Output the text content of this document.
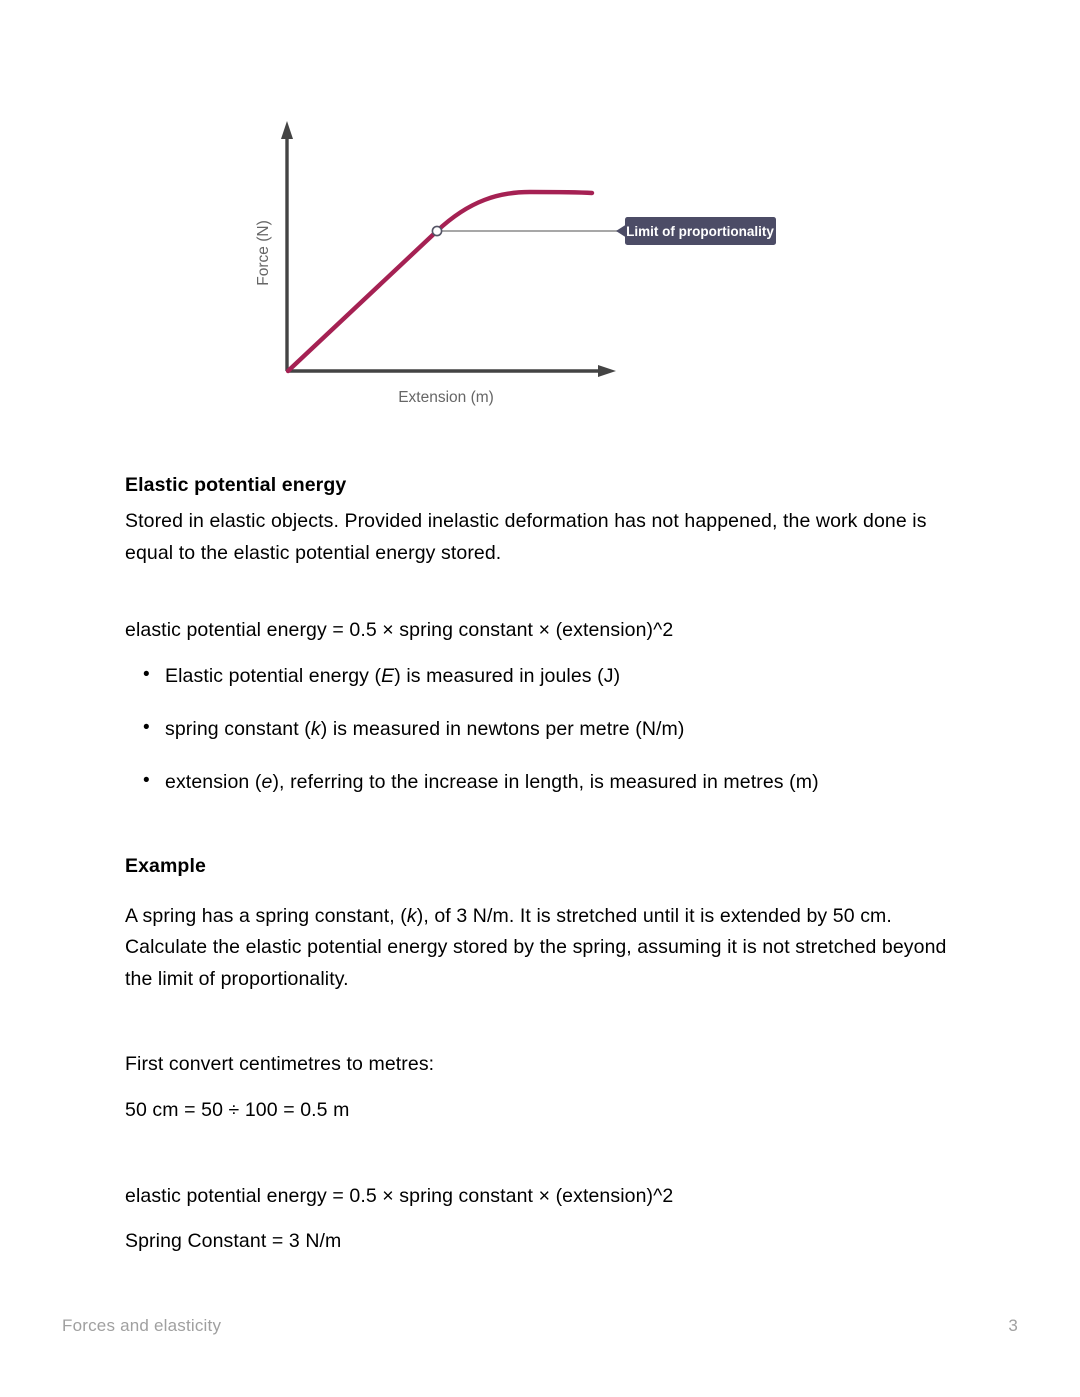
Force (N)
Extension (m)
Limit of proportionality
Elastic potential energy

Stored in elastic objects. Provided inelastic deformation has not happened, the work done is equal to the elastic potential energy stored.

elastic potential energy = 0.5 × spring constant × (extension)^2

• Elastic potential energy (E) is measured in joules (J)
• spring constant (k) is measured in newtons per metre (N/m)
• extension (e), referring to the increase in length, is measured in metres (m)
Example

A spring has a spring constant, (k), of 3 N/m. It is stretched until it is extended by 50 cm. Calculate the elastic potential energy stored by the spring, assuming it is not stretched beyond the limit of proportionality.

First convert centimetres to metres:

50 cm = 50 ÷ 100 = 0.5 m

elastic potential energy = 0.5 × spring constant × (extension)^2

Spring Constant = 3 N/m

Forces and elasticity	3
